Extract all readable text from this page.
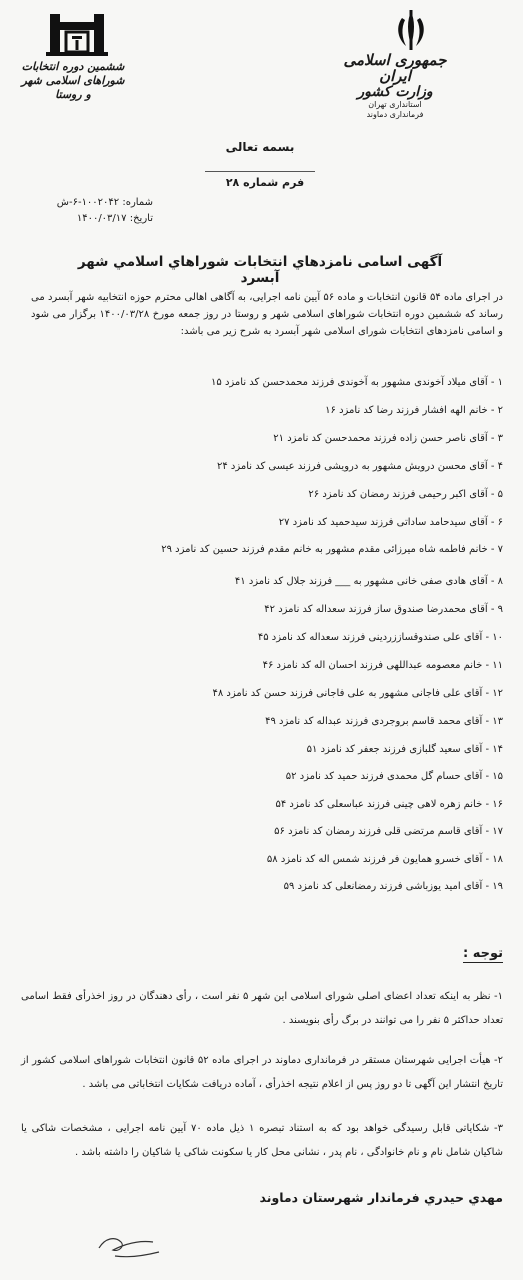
جمهوری اسلامی ایران
وزارت کشور
استانداری تهران
فرمانداری دماوند
ششمین دوره انتخابات
شوراهای اسلامی شهر و روستا
بسمه تعالی
فرم شماره ۲۸
شماره: ۱۰۰۲۰۴۲-۶-ش
تاریخ: ۱۴۰۰/۰۳/۱۷
آگهی اسامی نامزدهاي انتخابات شوراهاي اسلامي شهر آبسرد
در اجرای ماده ۵۴ قانون انتخابات و ماده ۵۶ آیین نامه اجرایی، به آگاهی اهالی محترم حوزه انتخابیه شهر آبسرد می رساند که ششمین دوره انتخابات شوراهای اسلامی شهر و روستا در روز جمعه مورخ ۱۴۰۰/۰۳/۲۸ برگزار می شود و اسامی نامزدهای انتخابات شورای اسلامی شهر آبسرد به شرح زیر می باشد:
۱ - آقای میلاد آخوندی مشهور به آخوندی فرزند محمدحسن کد نامزد ۱۵
۲ - خانم الهه افشار فرزند رضا کد نامزد ۱۶
۳ - آقای ناصر حسن زاده فرزند محمدحسن کد نامزد ۲۱
۴ - آقای محسن درویش مشهور به درویشی فرزند عیسی کد نامزد ۲۴
۵ - آقای اکبر رحیمی فرزند رمضان کد نامزد ۲۶
۶ - آقای سیدحامد ساداتی فرزند سیدحمید کد نامزد ۲۷
۷ - خانم فاطمه شاه میرزائی مقدم مشهور به خانم مقدم فرزند حسین کد نامزد ۲۹
۸ - آقای هادی صفی خانی مشهور به ___ فرزند جلال کد نامزد ۴۱
۹ - آقای محمدرضا صندوق ساز فرزند سعداله کد نامزد ۴۲
۱۰ - آقای علی صندوقساززردینی فرزند سعداله کد نامزد ۴۵
۱۱ - خانم معصومه عبداللهی فرزند احسان اله کد نامزد ۴۶
۱۲ - آقای علی فاجانی مشهور به علی فاجانی فرزند حسن کد نامزد ۴۸
۱۳ - آقای محمد قاسم بروجردی فرزند عبداله کد نامزد ۴۹
۱۴ - آقای سعید گلبازی فرزند جعفر کد نامزد ۵۱
۱۵ - آقای حسام گل محمدی فرزند حمید کد نامزد ۵۲
۱۶ - خانم زهره لاهی چینی فرزند عباسعلی کد نامزد ۵۴
۱۷ - آقای قاسم مرتضی قلی فرزند رمضان کد نامزد ۵۶
۱۸ - آقای خسرو همایون فر فرزند شمس اله کد نامزد ۵۸
۱۹ - آقای امید یوزباشی فرزند رمضانعلی کد نامزد ۵۹
توجه :
۱- نظر به اینکه تعداد اعضای اصلی شورای اسلامی این شهر ۵ نفر است ، رأی دهندگان در روز اخذرأی فقط اسامی تعداد حداکثر ۵ نفر را می توانند در برگ رأی بنویسند .
۲- هیأت اجرایی شهرستان مستقر در فرمانداری دماوند در اجرای ماده ۵۲ قانون انتخابات شوراهای اسلامی کشور از تاریخ انتشار این آگهی تا دو روز پس از اعلام نتیجه اخذرأی ، آماده دریافت شکایات انتخاباتی می باشد .
۳- شکایاتی قابل رسیدگی خواهد بود که به استناد تبصره ۱ ذیل ماده ۷۰ آیین نامه اجرایی ، مشخصات شاکی یا شاکیان شامل نام و نام خانوادگی ، نام پدر ، نشانی محل کار یا سکونت شاکی یا شاکیان را داشته باشد .
مهدي حيدري فرماندار شهرستان دماوند
